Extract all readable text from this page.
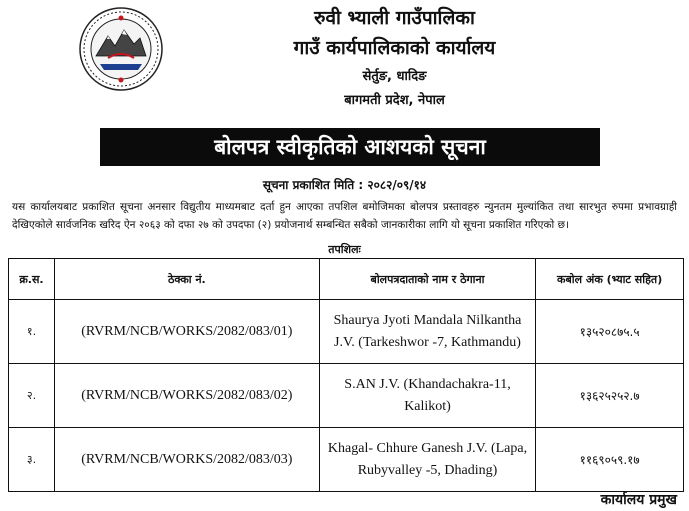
रुवी भ्याली गाउँपालिका
गाउँ कार्यपालिकाको कार्यालय
सेर्तुङ, धादिङ
बागमती प्रदेश, नेपाल
बोलपत्र स्वीकृतिको आशयको सूचना
सूचना प्रकाशित मिति : २०८२/०९/१४
यस कार्यालयबाट प्रकाशित सूचना अनसार विद्युतीय माध्यमबाट दर्ता हुन आएका तपशिल बमोजिमका बोलपत्र प्रस्तावहरु न्युनतम मुल्यांकित तथा सारभुत रुपमा प्रभावग्राही देखिएकोले सार्वजनिक खरिद ऐन २०६३ को दफा २७ को उपदफा (२) प्रयोजनार्थ सम्बन्धित सबैको जानकारीका लागि यो सूचना प्रकाशित गरिएको छ।
तपशिलः
क्र.स.	ठेक्का नं.	बोलपत्रदाताको नाम र ठेगाना	कबोल अंक (भ्याट सहित)
१.	(RVRM/NCB/WORKS/2082/083/01)	Shaurya Jyoti Mandala Nilkantha
J.V. (Tarkeshwor -7, Kathmandu)	१३५२०८७५.५
२.	(RVRM/NCB/WORKS/2082/083/02)	S.AN J.V. (Khandachakra-11,
Kalikot)	१३६२५२५२.७
३.	(RVRM/NCB/WORKS/2082/083/03)	Khagal- Chhure Ganesh J.V. (Lapa,
Rubyvalley -5, Dhading)	११६९०५९.१७
कार्यालय प्रमुख
